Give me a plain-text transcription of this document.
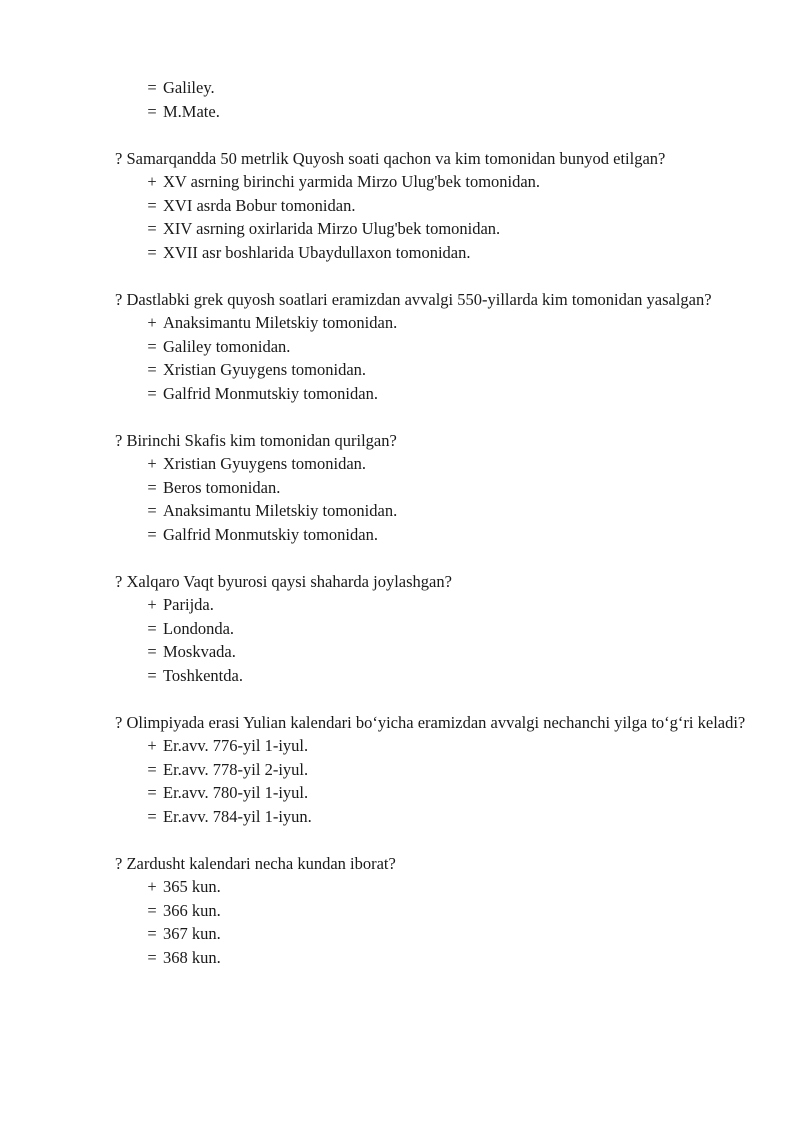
= Galiley.
= M.Mate.
? Samarqandda 50 metrlik Quyosh soati qachon va kim tomonidan bunyod etilgan?
+ XV asrning birinchi yarmida Mirzo Ulug'bek tomonidan.
= XVI asrda Bobur tomonidan.
= XIV asrning oxirlarida Mirzo Ulug'bek tomonidan.
= XVII asr boshlarida Ubaydullaxon tomonidan.
? Dastlabki grek quyosh soatlari eramizdan avvalgi 550-yillarda kim tomonidan yasalgan?
+ Anaksimantu Miletskiy tomonidan.
= Galiley tomonidan.
= Xristian Gyuygens tomonidan.
= Galfrid Monmutskiy tomonidan.
? Birinchi Skafis kim tomonidan qurilgan?
+ Xristian Gyuygens tomonidan.
= Beros tomonidan.
= Anaksimantu Miletskiy tomonidan.
= Galfrid Monmutskiy tomonidan.
? Xalqaro Vaqt byurosi qaysi shaharda joylashgan?
+ Parijda.
= Londonda.
= Moskvada.
= Toshkentda.
? Olimpiyada erasi Yulian kalendari bo‘yicha eramizdan avvalgi nechanchi yilga to‘g‘ri keladi?
+ Er.avv. 776-yil 1-iyul.
= Er.avv. 778-yil 2-iyul.
= Er.avv. 780-yil 1-iyul.
= Er.avv. 784-yil 1-iyun.
? Zardusht kalendari necha kundan iborat?
+ 365 kun.
= 366 kun.
= 367 kun.
= 368 kun.
